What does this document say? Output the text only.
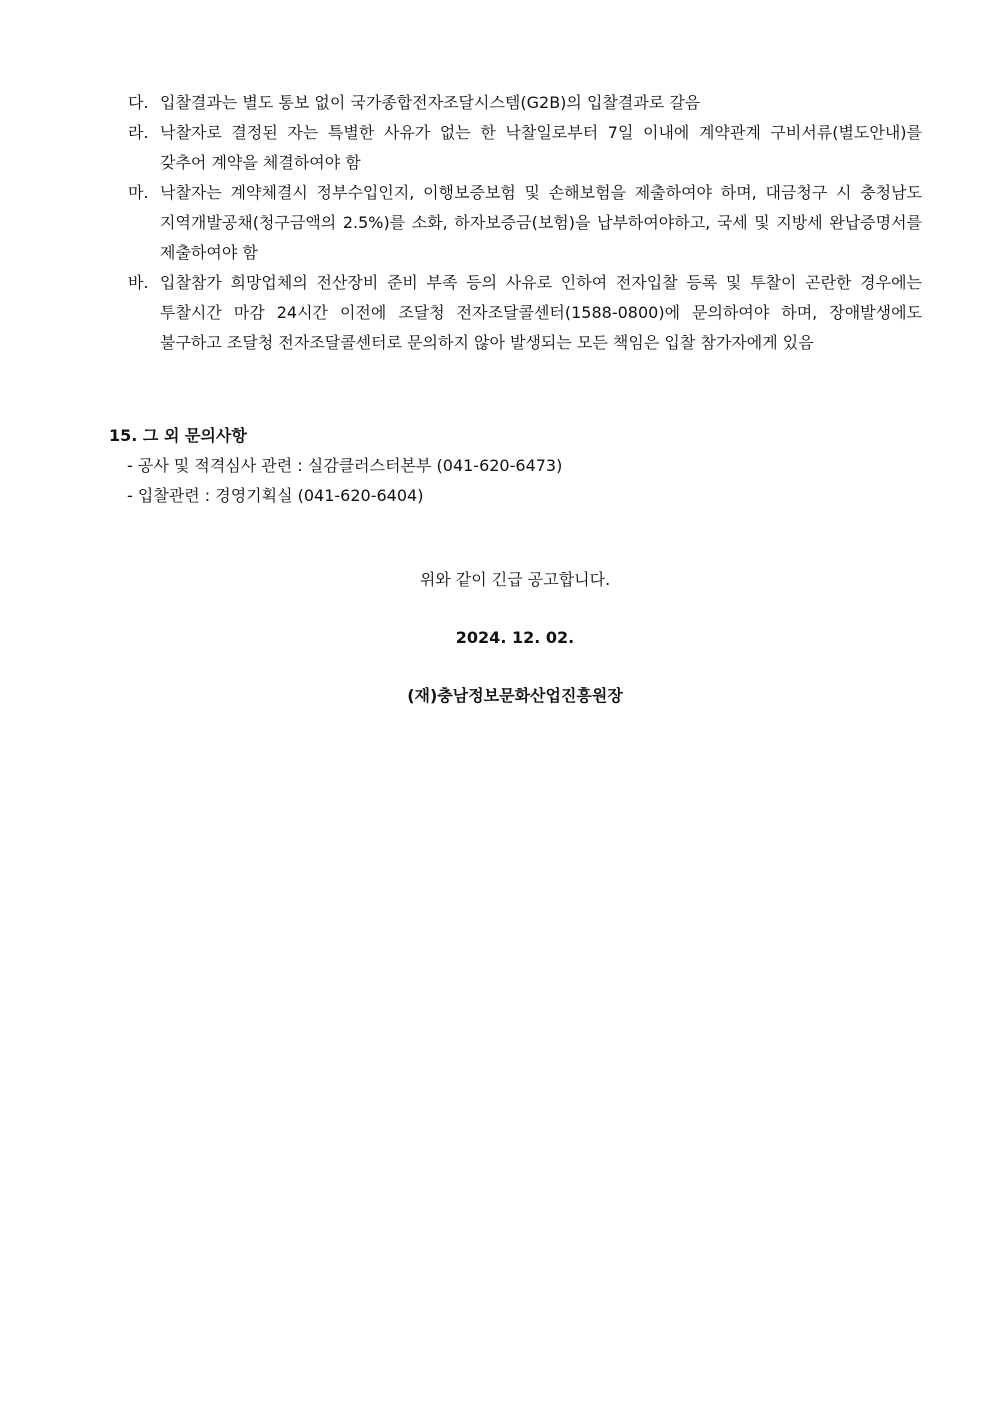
다. 입찰결과는 별도 통보 없이 국가종합전자조달시스템(G2B)의 입찰결과로 갈음
라. 낙찰자로 결정된 자는 특별한 사유가 없는 한 낙찰일로부터 7일 이내에 계약관계 구비서류(별도안내)를 갖추어 계약을 체결하여야 함
마. 낙찰자는 계약체결시 정부수입인지, 이행보증보험 및 손해보험을 제출하여야 하며, 대금청구 시 충청남도 지역개발공채(청구금액의 2.5%)를 소화, 하자보증금(보험)을 납부하여야하고, 국세 및 지방세 완납증명서를 제출하여야 함
바. 입찰참가 희망업체의 전산장비 준비 부족 등의 사유로 인하여 전자입찰 등록 및 투찰이 곤란한 경우에는 투찰시간 마감 24시간 이전에 조달청 전자조달콜센터(1588-0800)에 문의하여야 하며, 장애발생에도 불구하고 조달청 전자조달콜센터로 문의하지 않아 발생되는 모든 책임은 입찰 참가자에게 있음
15. 그 외 문의사항
- 공사 및 적격심사 관련 : 실감클러스터본부 (041-620-6473)
- 입찰관련 : 경영기획실 (041-620-6404)
위와 같이 긴급 공고합니다.
2024. 12. 02.
(재)충남정보문화산업진흥원장
